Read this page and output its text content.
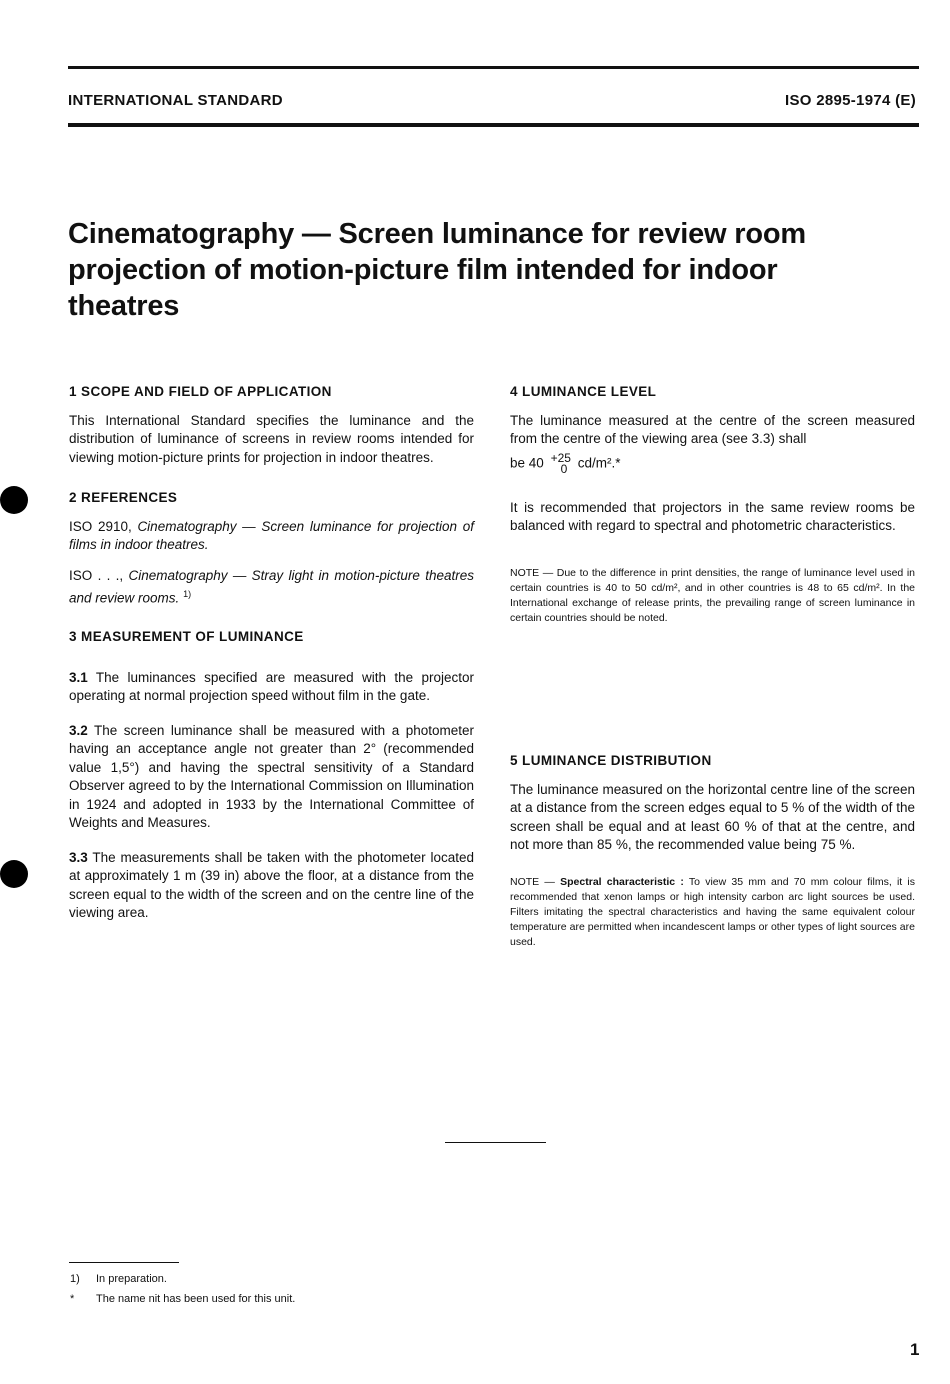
INTERNATIONAL STANDARD	ISO 2895-1974 (E)
Cinematography — Screen luminance for review room projection of motion-picture film intended for indoor theatres
1 SCOPE AND FIELD OF APPLICATION

This International Standard specifies the luminance and the distribution of luminance of screens in review rooms intended for viewing motion-picture prints for projection in indoor theatres.

2 REFERENCES

ISO 2910, Cinematography — Screen luminance for projection of films in indoor theatres.

ISO . . ., Cinematography — Stray light in motion-picture theatres and review rooms. $^{1)}$

3 MEASUREMENT OF LUMINANCE

3.1 The luminances specified are measured with the projector operating at normal projection speed without film in the gate.

3.2 The screen luminance shall be measured with a photometer having an acceptance angle not greater than 2° (recommended value 1,5°) and having the spectral sensitivity of a Standard Observer agreed to by the International Commission on Illumination in 1924 and adopted in 1933 by the International Committee of Weights and Measures.

3.3 The measurements shall be taken with the photometer located at approximately 1 m (39 in) above the floor, at a distance from the screen equal to the width of the screen and on the centre line of the viewing area.

4 LUMINANCE LEVEL

The luminance measured at the centre of the screen measured from the centre of the viewing area (see 3.3) shall

be 40 +25
0 cd/m².*

It is recommended that projectors in the same review rooms be balanced with regard to spectral and photometric characteristics.

NOTE — Due to the difference in print densities, the range of luminance level used in certain countries is 40 to 50 cd/m², and in other countries is 48 to 65 cd/m². In the International exchange of release prints, the prevailing range of screen luminance in certain countries should be noted.

5 LUMINANCE DISTRIBUTION

The luminance measured on the horizontal centre line of the screen at a distance from the screen edges equal to 5 % of the width of the screen shall be equal and at least 60 % of that at the centre, and not more than 85 %, the recommended value being 75 %.

NOTE — Spectral characteristic : To view 35 mm and 70 mm colour films, it is recommended that xenon lamps or high intensity carbon arc light sources be used. Filters imitating the spectral characteristics and having the same equivalent colour temperature are permitted when incandescent lamps or other types of light sources are used.

1) In preparation.
* The name nit has been used for this unit.
1
